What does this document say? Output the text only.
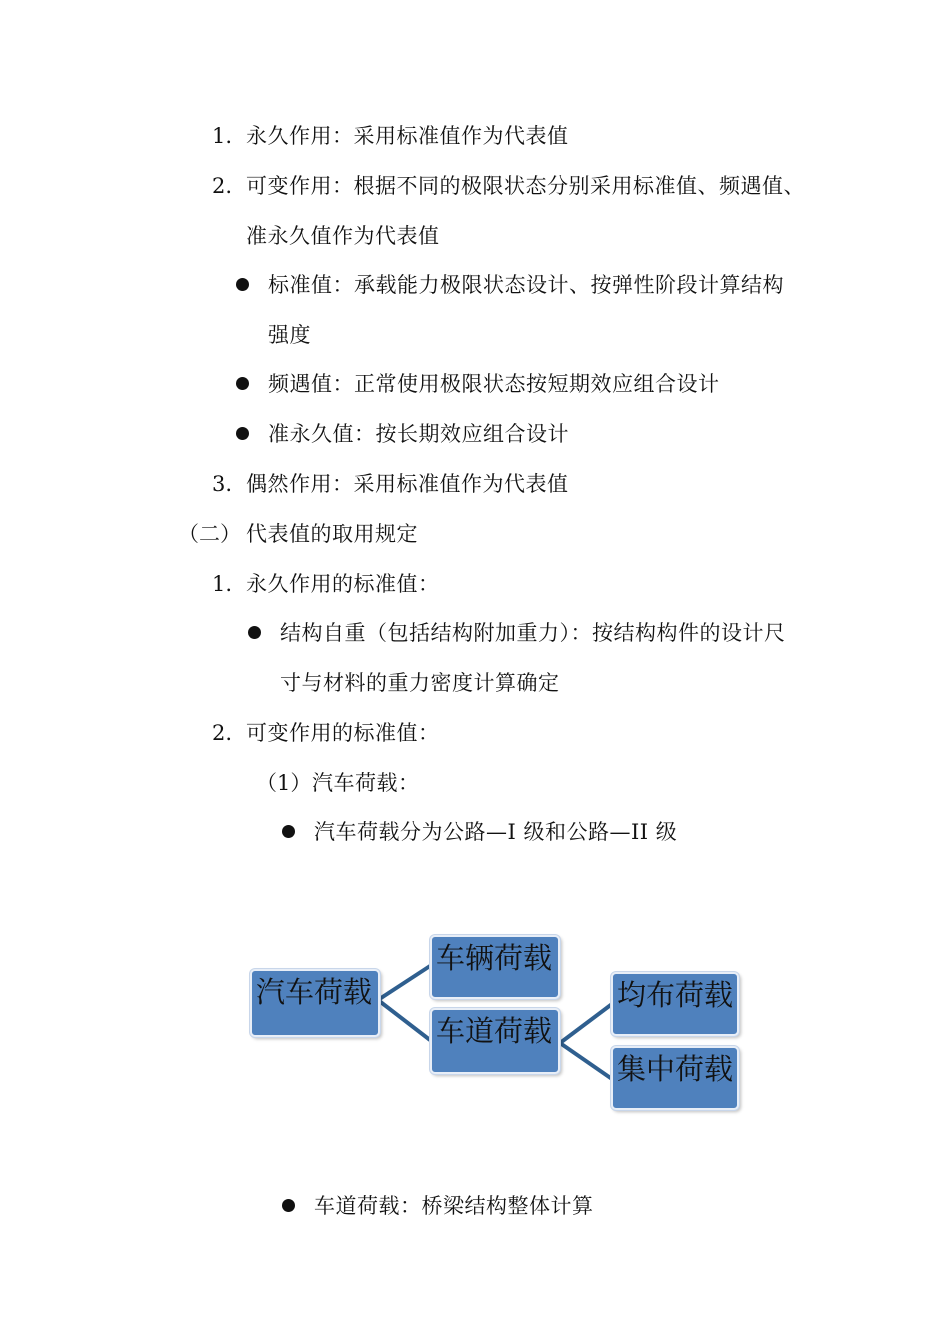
1. 永久作用：采用标准值作为代表值
2. 可变作用：根据不同的极限状态分别采用标准值、频遇值、
准永久值作为代表值
标准值：承载能力极限状态设计、按弹性阶段计算结构
强度
频遇值：正常使用极限状态按短期效应组合设计
准永久值：按长期效应组合设计
3. 偶然作用：采用标准值作为代表值
（二） 代表值的取用规定
1. 永久作用的标准值：
结构自重（包括结构附加重力）：按结构构件的设计尺
寸与材料的重力密度计算确定
2. 可变作用的标准值：
（1） 汽车荷载：
汽车荷载分为公路—I 级和公路—II 级
汽车荷载
车辆荷载
车道荷载
均布荷载
集中荷载
车道荷载：桥梁结构整体计算
